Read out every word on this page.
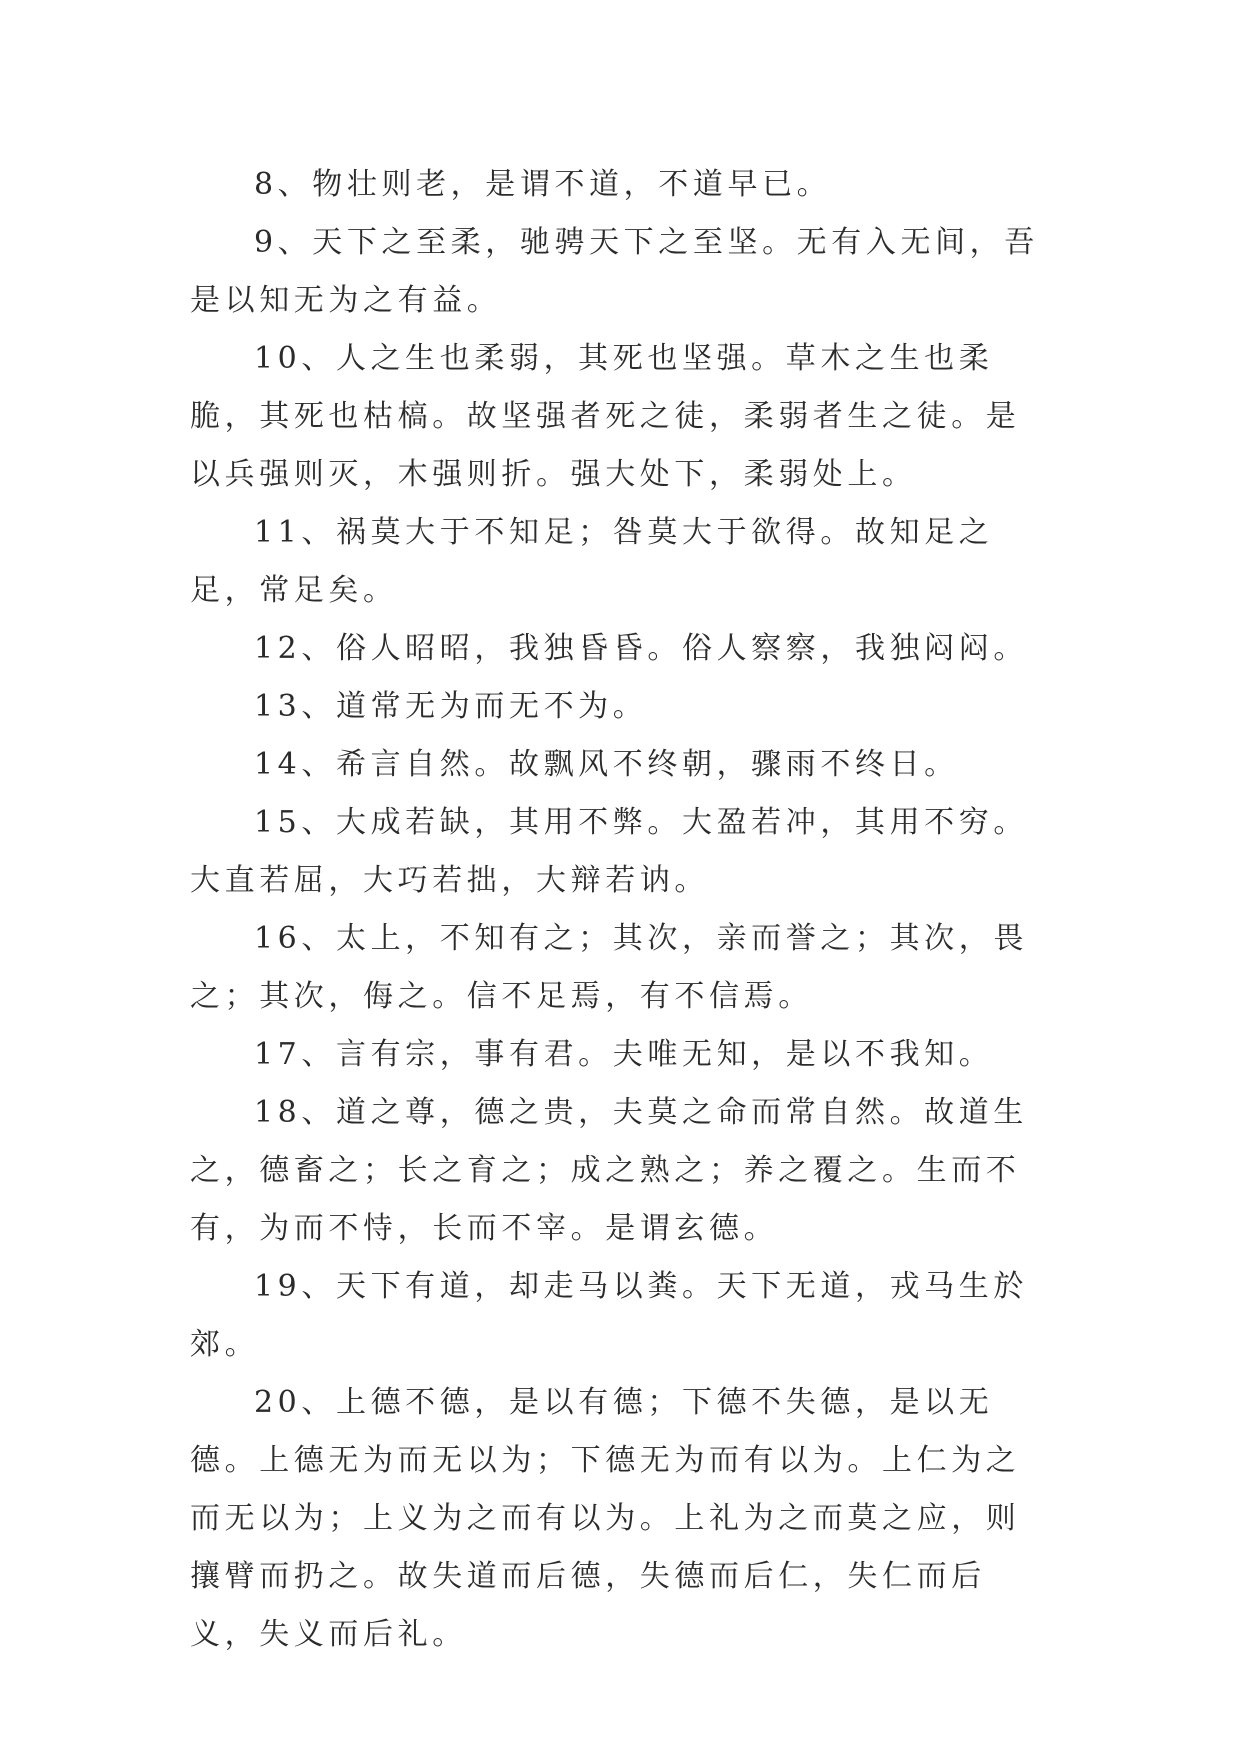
8、物壮则老，是谓不道，不道早已。

9、天下之至柔，驰骋天下之至坚。无有入无间，吾是以知无为之有益。

10、人之生也柔弱，其死也坚强。草木之生也柔脆，其死也枯槁。故坚强者死之徒，柔弱者生之徒。是以兵强则灭，木强则折。强大处下，柔弱处上。

11、祸莫大于不知足；咎莫大于欲得。故知足之足，常足矣。

12、俗人昭昭，我独昏昏。俗人察察，我独闷闷。

13、道常无为而无不为。

14、希言自然。故飘风不终朝，骤雨不终日。

15、大成若缺，其用不弊。大盈若冲，其用不穷。大直若屈，大巧若拙，大辩若讷。

16、太上，不知有之；其次，亲而誉之；其次，畏之；其次，侮之。信不足焉，有不信焉。

17、言有宗，事有君。夫唯无知，是以不我知。

18、道之尊，德之贵，夫莫之命而常自然。故道生之，德畜之；长之育之；成之熟之；养之覆之。生而不有，为而不恃，长而不宰。是谓玄德。

19、天下有道，却走马以粪。天下无道，戎马生於郊。

20、上德不德，是以有德；下德不失德，是以无德。上德无为而无以为；下德无为而有以为。上仁为之而无以为；上义为之而有以为。上礼为之而莫之应，则攘臂而扔之。故失道而后德，失德而后仁，失仁而后义，失义而后礼。
